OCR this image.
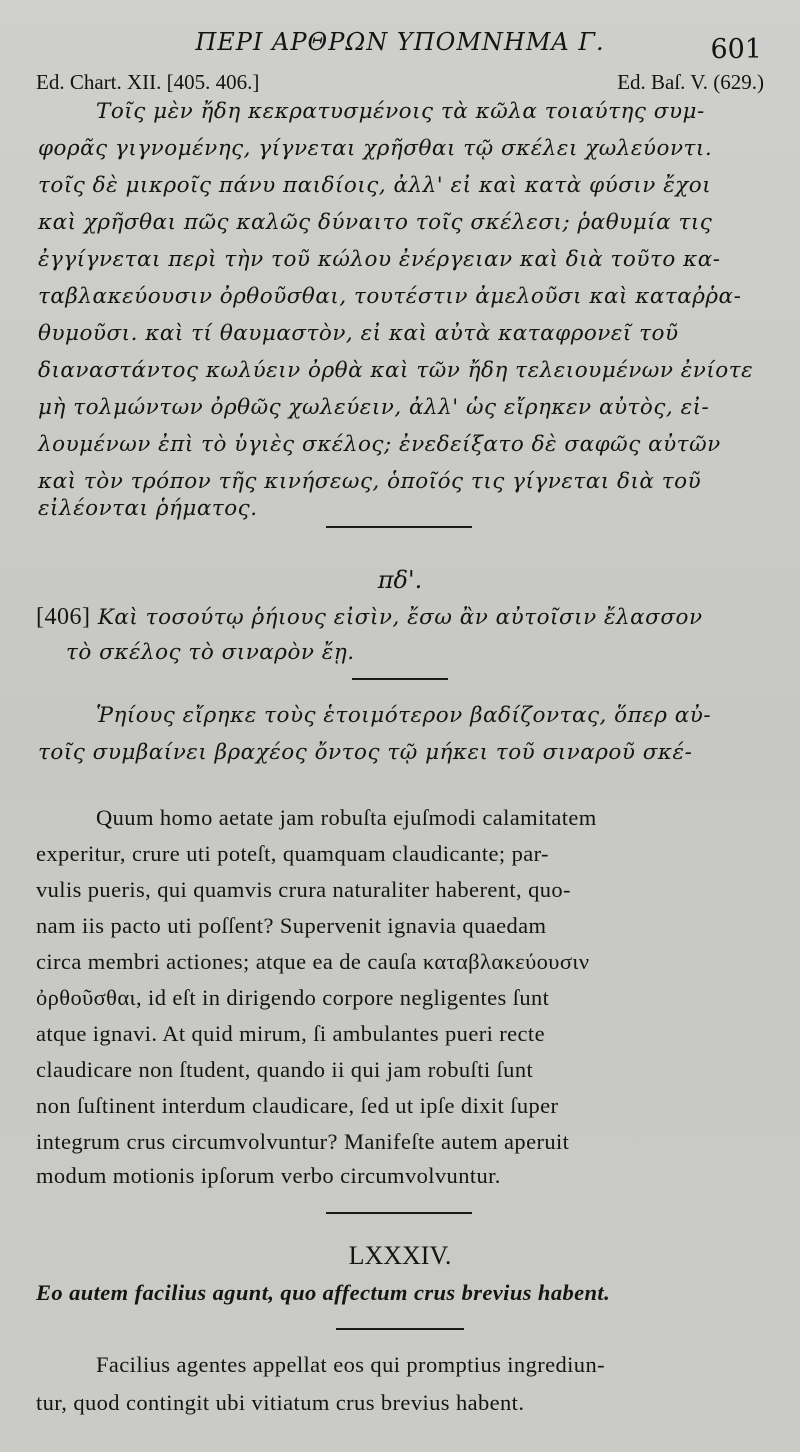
ΠΕΡΙ ΑΡΘΡΩΝ ΥΠΟΜΝΗΜΑ Γ.	601
Ed. Chart. XII. [405. 406.]	Ed. Baſ. V. (629.)
Τοῖς μὲν ἤδη κεκρατυσμένοις τὰ κῶλα τοιαύτης συμ-
φορᾶς γιγνομένης, γίγνεται χρῆσθαι τῷ σκέλει χωλεύοντι.
τοῖς δὲ μικροῖς πάνυ παιδίοις, ἀλλ' εἰ καὶ κατὰ φύσιν ἔχοι
καὶ χρῆσθαι πῶς καλῶς δύναιτο τοῖς σκέλεσι; ῥαθυμία τις
ἐγγίγνεται περὶ τὴν τοῦ κώλου ἐνέργειαν καὶ διὰ τοῦτο κα-
ταβλακεύουσιν ὀρθοῦσθαι, τουτέστιν ἀμελοῦσι καὶ καταῤῥα-
θυμοῦσι. καὶ τί θαυμαστὸν, εἰ καὶ αὐτὰ καταφρονεῖ τοῦ
διαναστάντος κωλύειν ὀρθὰ καὶ τῶν ἤδη τελειουμένων ἐνίοτε
μὴ τολμώντων ὀρθῶς χωλεύειν, ἀλλ' ὡς εἴρηκεν αὐτὸς, εἰ-
λουμένων ἐπὶ τὸ ὑγιὲς σκέλος; ἐνεδείξατο δὲ σαφῶς αὐτῶν
καὶ τὸν τρόπον τῆς κινήσεως, ὁποῖός τις γίγνεται διὰ τοῦ
εἰλέονται ῥήματος.
πδ'.
[406] Καὶ τοσούτῳ ῥήιους εἰσὶν, ἔσω ἂν αὐτοῖσιν ἔλασσον
τὸ σκέλος τὸ σιναρὸν ἔῃ.
Ῥηίους εἴρηκε τοὺς ἑτοιμότερον βαδίζοντας, ὅπερ αὐ-
τοῖς συμβαίνει βραχέος ὄντος τῷ μήκει τοῦ σιναροῦ σκέ-
Quum homo aetate jam robuſta ejuſmodi calamitatem
experitur, crure uti poteſt, quamquam claudicante; par-
vulis pueris, qui quamvis crura naturaliter haberent, quo-
nam iis pacto uti poſſent? Supervenit ignavia quaedam
circa membri actiones; atque ea de cauſa καταβλακεύουσιν
ὀρθοῦσθαι, id eſt in dirigendo corpore negligentes ſunt
atque ignavi. At quid mirum, ſi ambulantes pueri recte
claudicare non ſtudent, quando ii qui jam robuſti ſunt
non ſuſtinent interdum claudicare, ſed ut ipſe dixit ſuper
integrum crus circumvolvuntur? Manifeſte autem aperuit
modum motionis ipſorum verbo circumvolvuntur.
LXXXIV.
Eo autem facilius agunt, quo affectum crus brevius habent.
Facilius agentes appellat eos qui promptius ingrediun-
tur, quod contingit ubi vitiatum crus brevius habent.
